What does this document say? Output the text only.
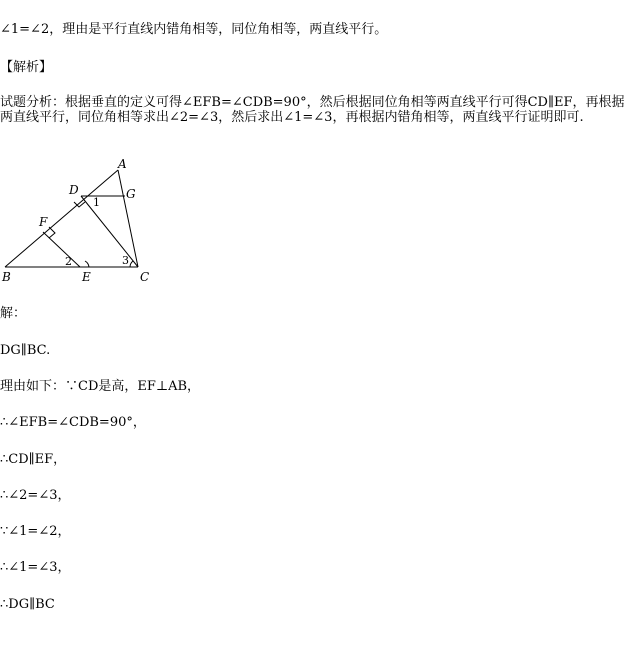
∠1=∠2，理由是平行直线内错角相等，同位角相等，两直线平行。
【解析】
试题分析：根据垂直的定义可得∠EFB=∠CDB=90°，然后根据同位角相等两直线平行可得CD∥EF，再根据两直线平行，同位角相等求出∠2=∠3，然后求出∠1=∠3，再根据内错角相等，两直线平行证明即可.
A
D	G
F
B	E	C
1
2	3
解：
DG∥BC.
理由如下：∵CD是高，EF⊥AB，
∴∠EFB=∠CDB=90°，
∴CD∥EF，
∴∠2=∠3，
∵∠1=∠2，
∴∠1=∠3，
∴DG∥BC
